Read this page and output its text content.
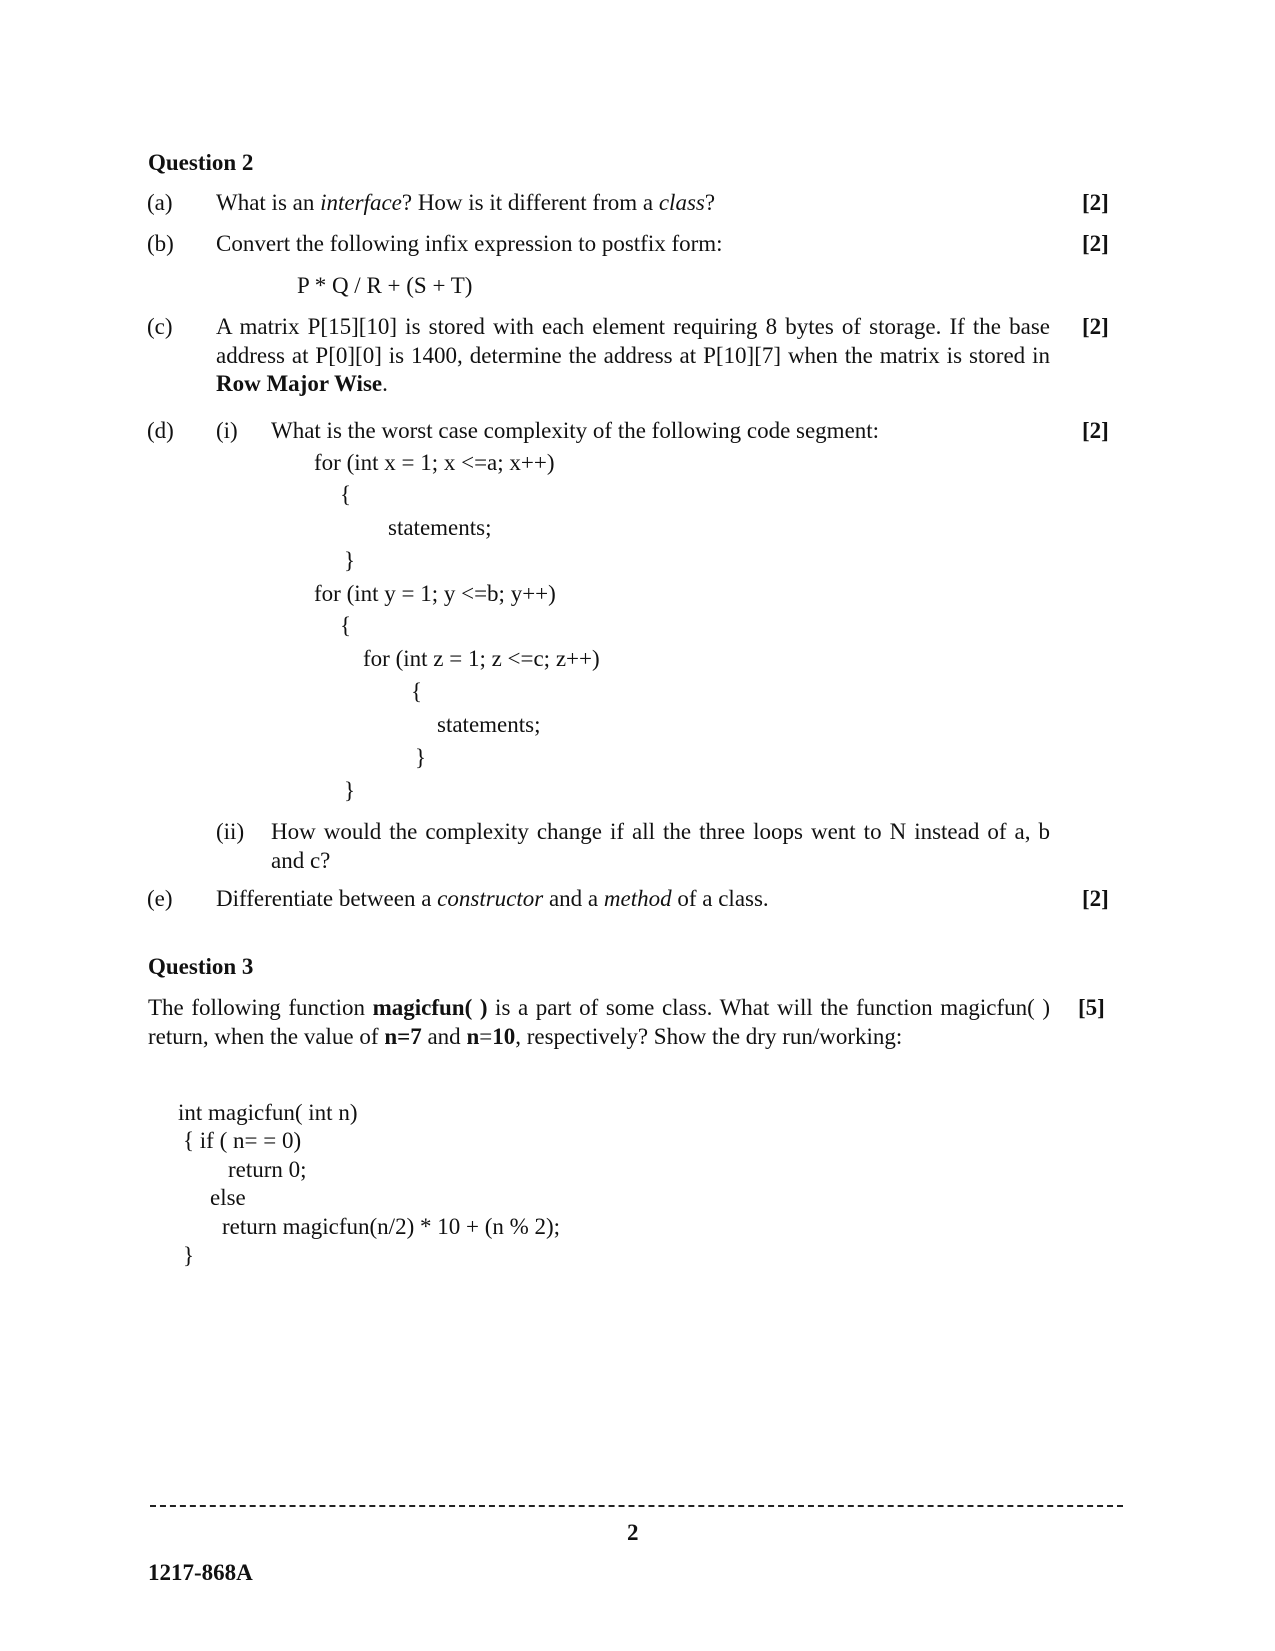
Question 2
(a) What is an interface? How is it different from a class?	[2]
(b) Convert the following infix expression to postfix form:	[2]
P * Q / R + (S + T)
(c) A matrix P[15][10] is stored with each element requiring 8 bytes of storage. If the base address at P[0][0] is 1400, determine the address at P[10][7] when the matrix is stored in Row Major Wise.
[2]
(d) (i) What is the worst case complexity of the following code segment:	[2]
for (int x = 1; x <=a; x++)
{
statements;
}
for (int y = 1; y <=b; y++)
{
for (int z = 1; z <=c; z++)
{
statements;
}
}
(ii) How would the complexity change if all the three loops went to N instead of a, b and c?
(e) Differentiate between a constructor and a method of a class.	[2]
Question 3
The following function magicfun( ) is a part of some class. What will the function magicfun( ) return, when the value of n=7 and n=10, respectively? Show the dry run/working:
[5]
int magicfun( int n)
{ if ( n= = 0)
return 0;
else
return magicfun(n/2) * 10 + (n % 2);
}
2
1217-868A
